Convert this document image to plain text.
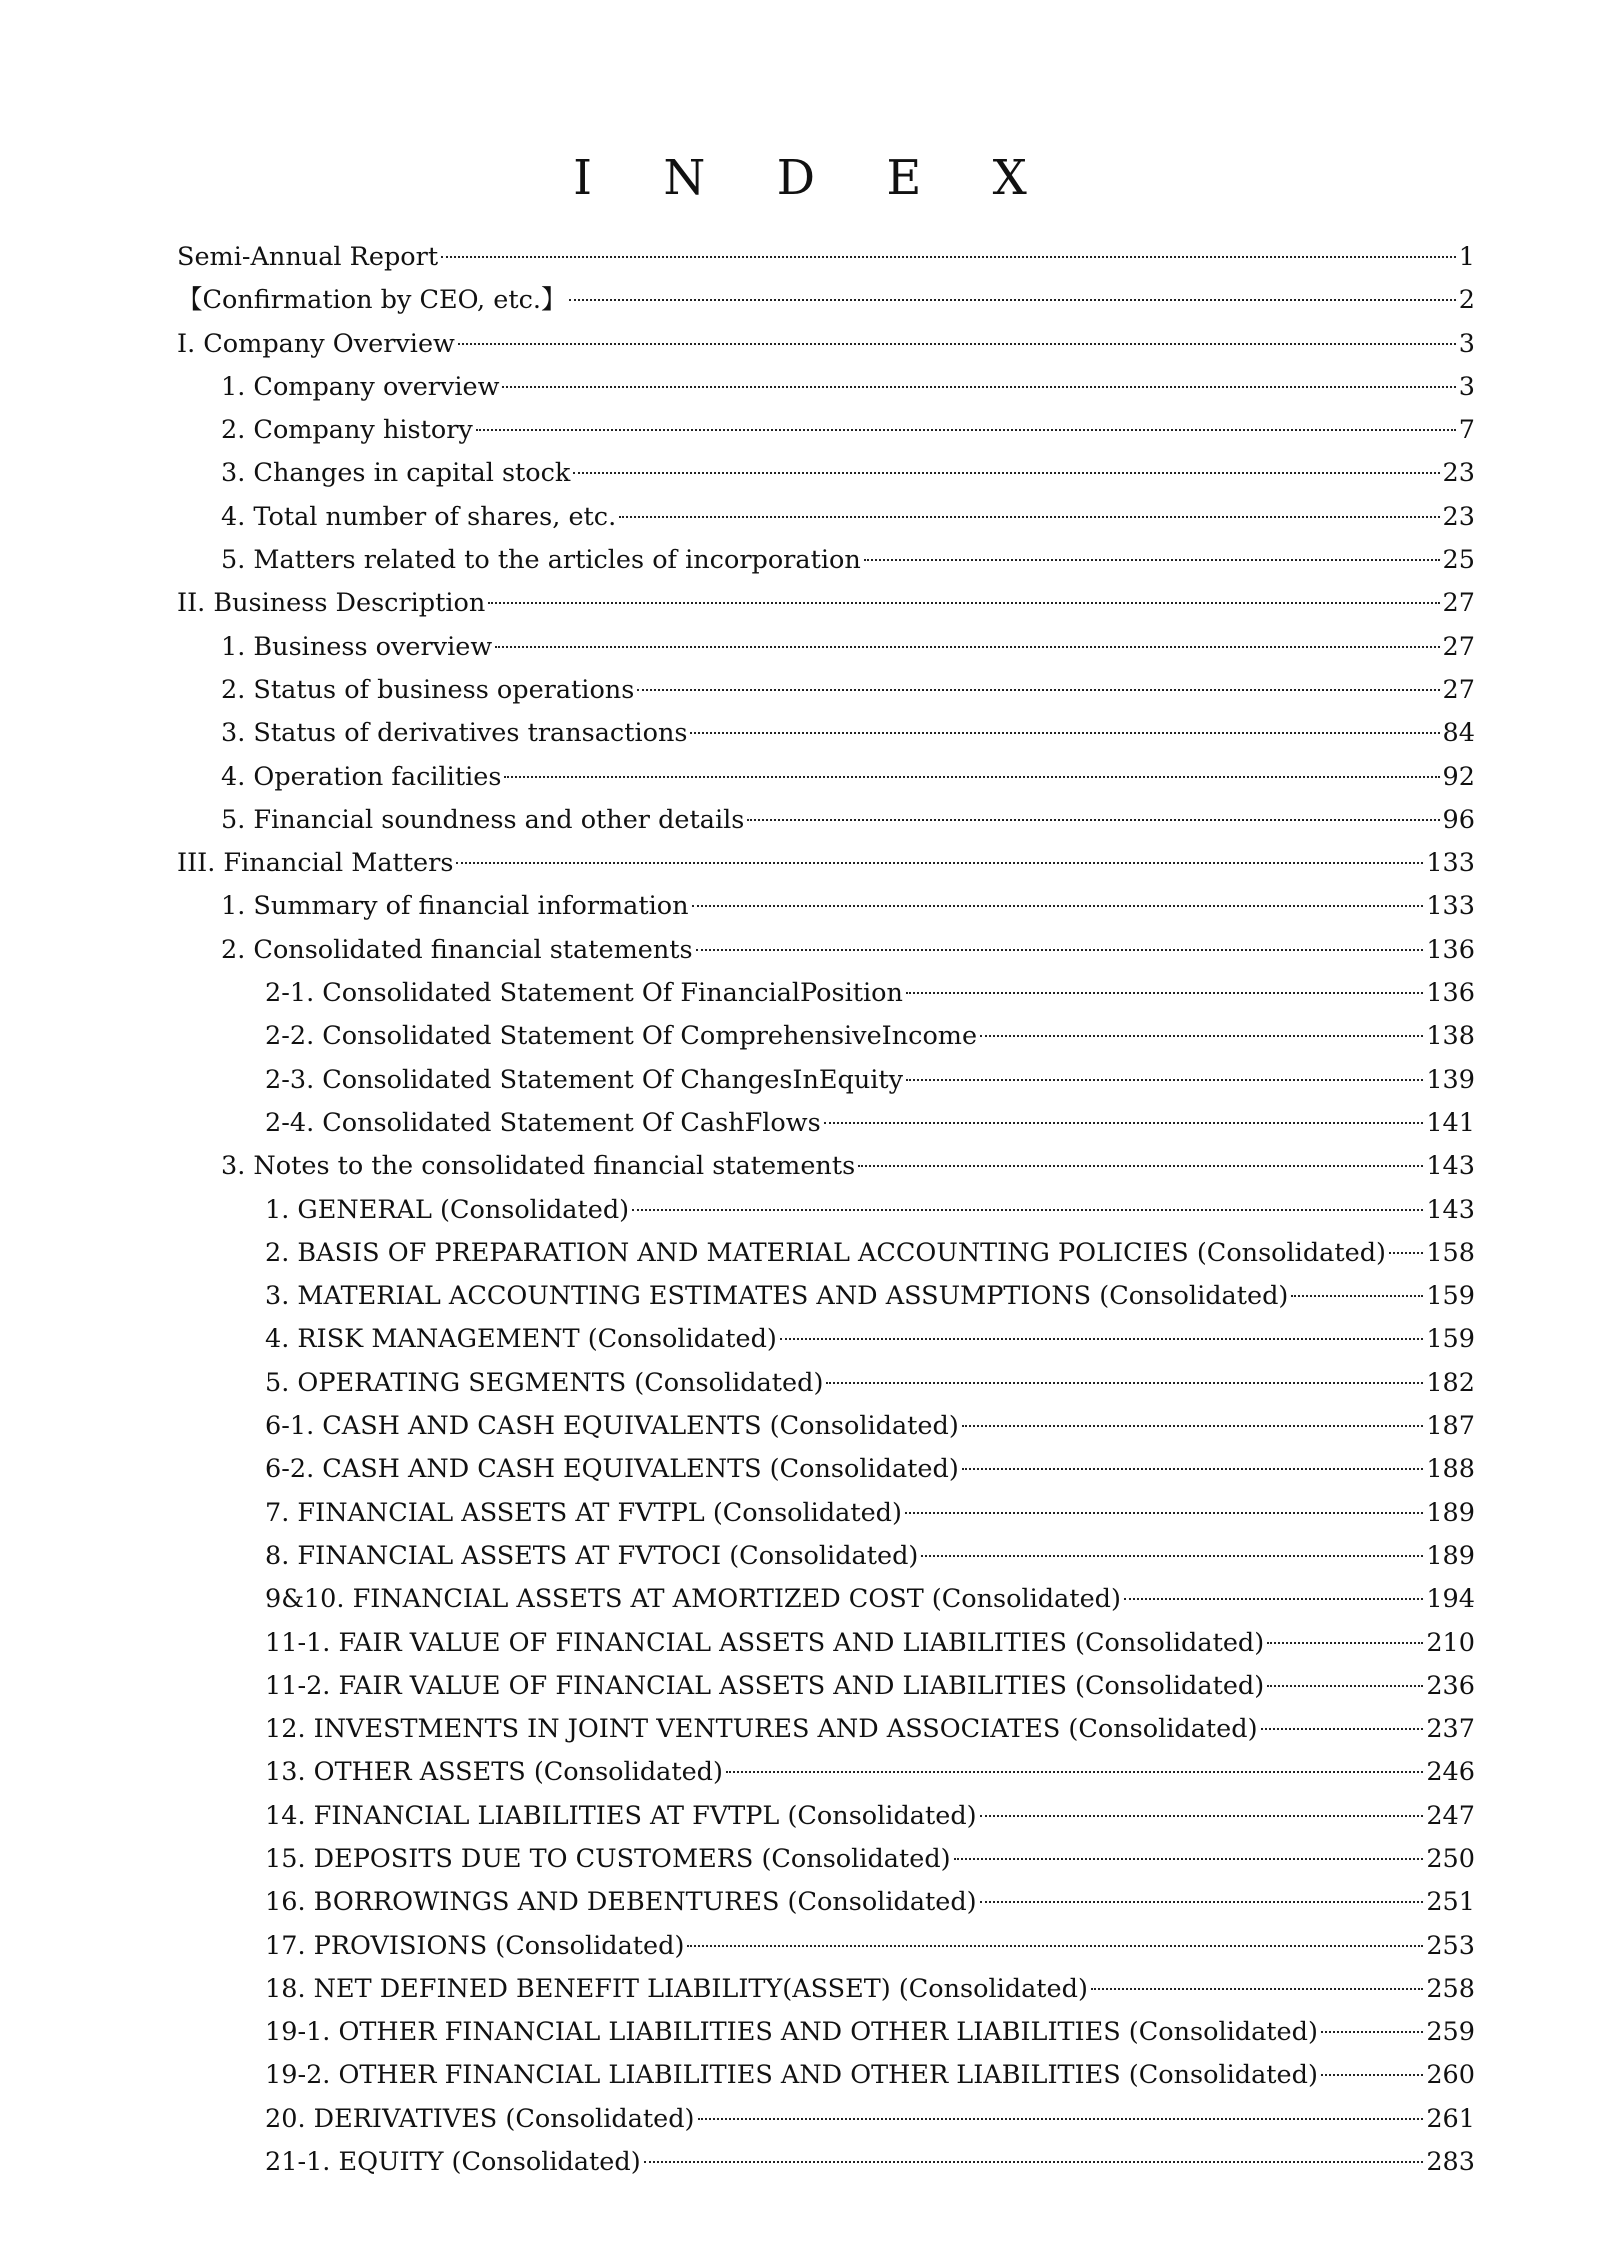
I N D E X
Semi-Annual Report	1
【Confirmation by CEO, etc.】	2
I. Company Overview	3
1. Company overview	3
2. Company history	7
3. Changes in capital stock	23
4. Total number of shares, etc.	23
5. Matters related to the articles of incorporation	25
II. Business Description	27
1. Business overview	27
2. Status of business operations	27
3. Status of derivatives transactions	84
4. Operation facilities	92
5. Financial soundness and other details	96
III. Financial Matters	133
1. Summary of financial information	133
2. Consolidated financial statements	136
2-1. Consolidated Statement Of FinancialPosition	136
2-2. Consolidated Statement Of ComprehensiveIncome	138
2-3. Consolidated Statement Of ChangesInEquity	139
2-4. Consolidated Statement Of CashFlows	141
3. Notes to the consolidated financial statements	143
1. GENERAL (Consolidated)	143
2. BASIS OF PREPARATION AND MATERIAL ACCOUNTING POLICIES (Consolidated) 158
3. MATERIAL ACCOUNTING ESTIMATES AND ASSUMPTIONS (Consolidated)	159
4. RISK MANAGEMENT (Consolidated)	159
5. OPERATING SEGMENTS (Consolidated)	182
6-1. CASH AND CASH EQUIVALENTS (Consolidated)	187
6-2. CASH AND CASH EQUIVALENTS (Consolidated)	188
7. FINANCIAL ASSETS AT FVTPL (Consolidated)	189
8. FINANCIAL ASSETS AT FVTOCI (Consolidated)	189
9&10. FINANCIAL ASSETS AT AMORTIZED COST (Consolidated)	194
11-1. FAIR VALUE OF FINANCIAL ASSETS AND LIABILITIES (Consolidated)	210
11-2. FAIR VALUE OF FINANCIAL ASSETS AND LIABILITIES (Consolidated)	236
12. INVESTMENTS IN JOINT VENTURES AND ASSOCIATES (Consolidated)	237
13. OTHER ASSETS (Consolidated)	246
14. FINANCIAL LIABILITIES AT FVTPL (Consolidated)	247
15. DEPOSITS DUE TO CUSTOMERS (Consolidated)	250
16. BORROWINGS AND DEBENTURES (Consolidated)	251
17. PROVISIONS (Consolidated)	253
18. NET DEFINED BENEFIT LIABILITY(ASSET) (Consolidated)	258
19-1. OTHER FINANCIAL LIABILITIES AND OTHER LIABILITIES (Consolidated)	259
19-2. OTHER FINANCIAL LIABILITIES AND OTHER LIABILITIES (Consolidated)	260
20. DERIVATIVES (Consolidated)	261
21-1. EQUITY (Consolidated)	283
